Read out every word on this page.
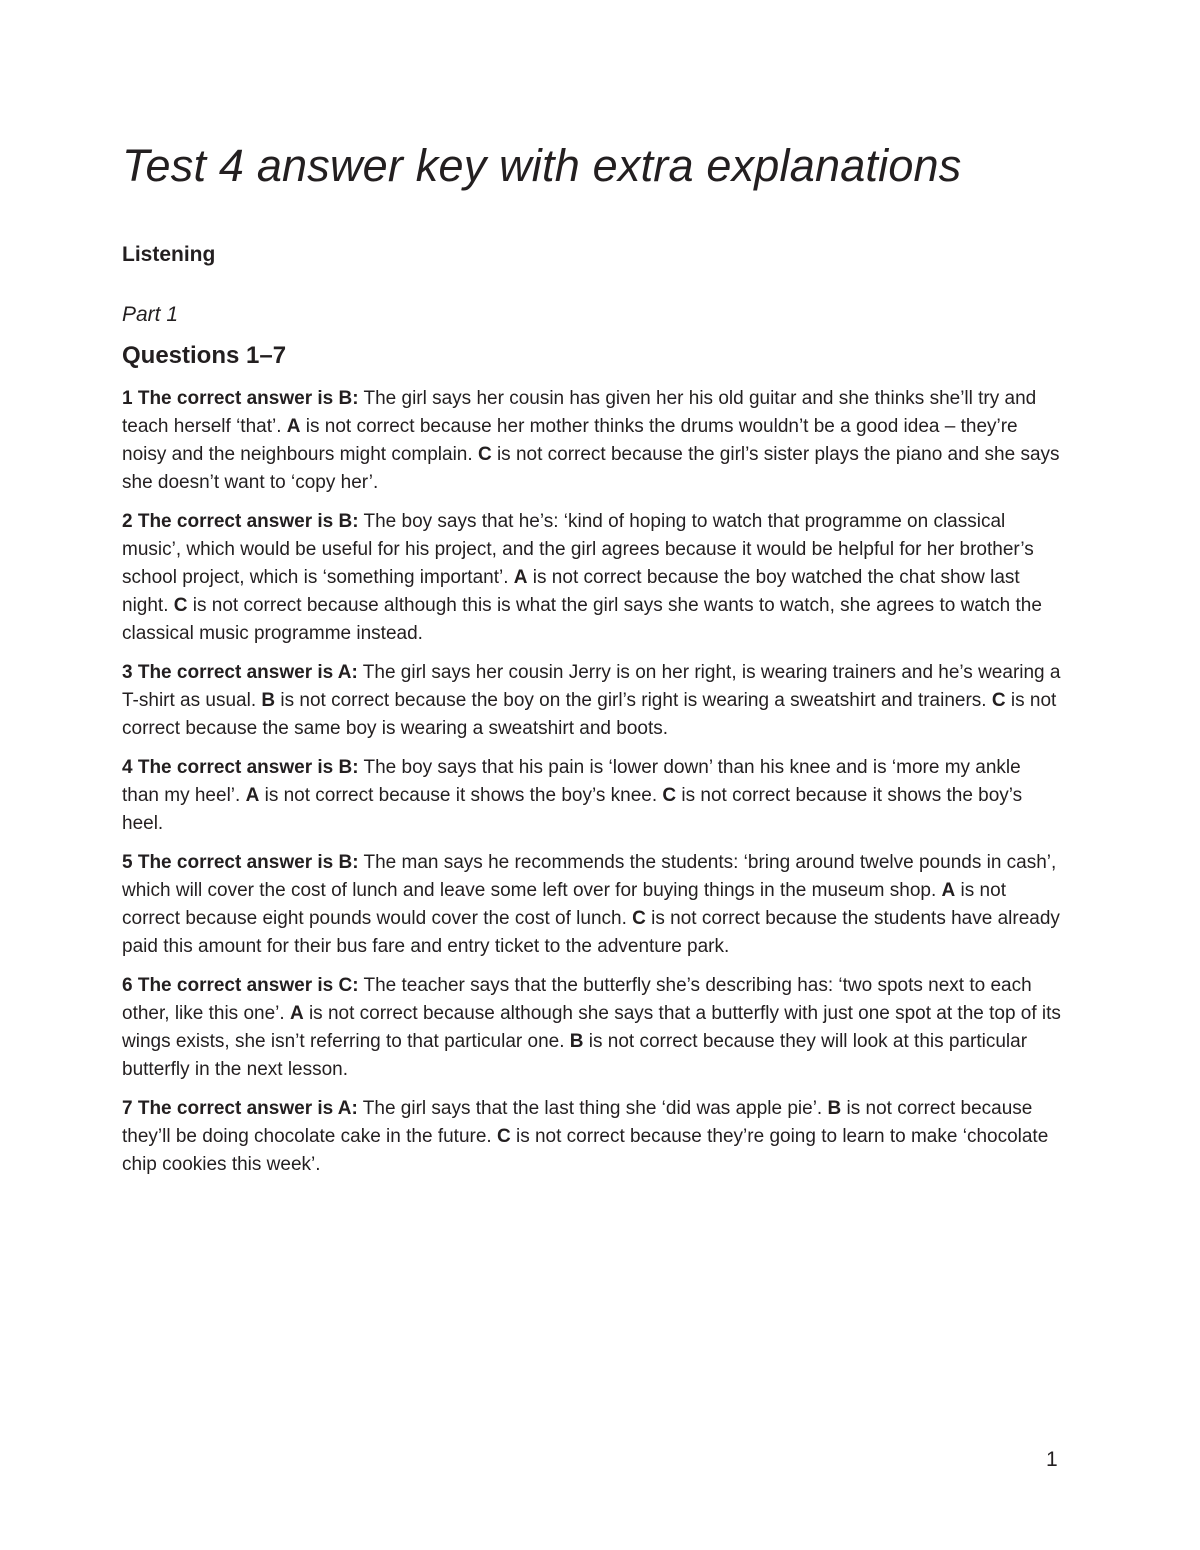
Test 4 answer key with extra explanations
Listening

Part 1

Questions 1–7

1 The correct answer is B: The girl says her cousin has given her his old guitar and she thinks she’ll try and teach herself ‘that’. A is not correct because her mother thinks the drums wouldn’t be a good idea – they’re noisy and the neighbours might complain. C is not correct because the girl’s sister plays the piano and she says she doesn’t want to ‘copy her’.

2 The correct answer is B: The boy says that he’s: ‘kind of hoping to watch that programme on classical music’, which would be useful for his project, and the girl agrees because it would be helpful for her brother’s school project, which is ‘something important’. A is not correct because the boy watched the chat show last night. C is not correct because although this is what the girl says she wants to watch, she agrees to watch the classical music programme instead.

3 The correct answer is A: The girl says her cousin Jerry is on her right, is wearing trainers and he’s wearing a T-shirt as usual. B is not correct because the boy on the girl’s right is wearing a sweatshirt and trainers. C is not correct because the same boy is wearing a sweatshirt and boots.

4 The correct answer is B: The boy says that his pain is ‘lower down’ than his knee and is ‘more my ankle than my heel’. A is not correct because it shows the boy’s knee. C is not correct because it shows the boy’s heel.

5 The correct answer is B: The man says he recommends the students: ‘bring around twelve pounds in cash’, which will cover the cost of lunch and leave some left over for buying things in the museum shop. A is not correct because eight pounds would cover the cost of lunch. C is not correct because the students have already paid this amount for their bus fare and entry ticket to the adventure park.

6 The correct answer is C: The teacher says that the butterfly she’s describing has: ‘two spots next to each other, like this one’. A is not correct because although she says that a butterfly with just one spot at the top of its wings exists, she isn’t referring to that particular one. B is not correct because they will look at this particular butterfly in the next lesson.

7 The correct answer is A: The girl says that the last thing she ‘did was apple pie’. B is not correct because they’ll be doing chocolate cake in the future. C is not correct because they’re going to learn to make ‘chocolate chip cookies this week’.

1
